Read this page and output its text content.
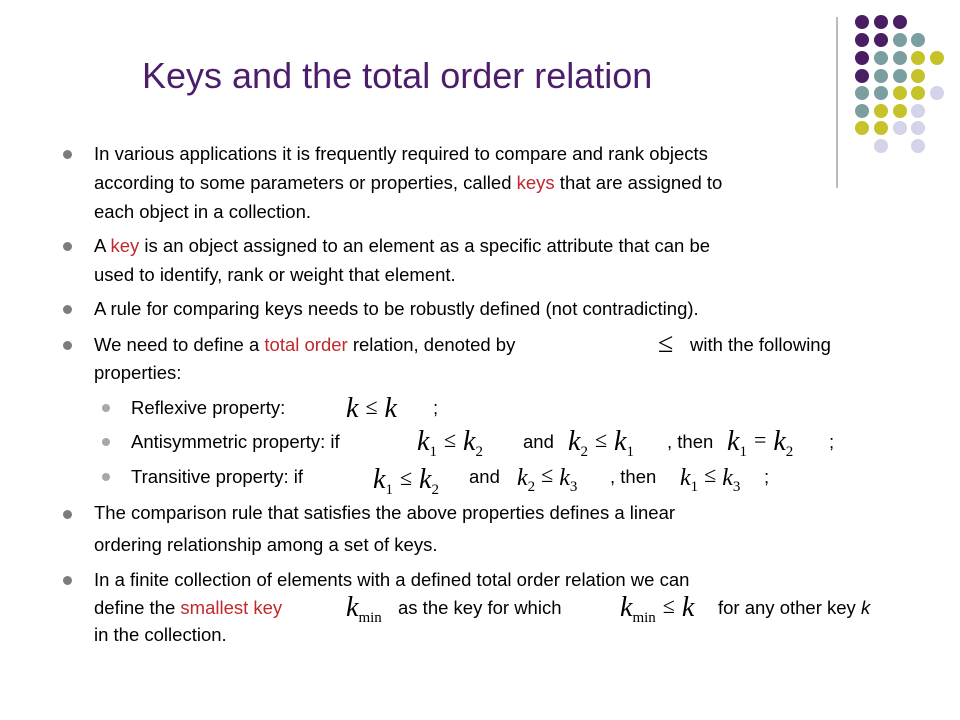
Keys and the total order relation
In various applications it is frequently required to compare and rank objects
according to some parameters or properties, called keys that are assigned to
each object in a collection.
A key is an object assigned to an element as a specific attribute that can be
used to identify, rank or weight that element.
A rule for comparing keys needs to be robustly defined (not contradicting).
We need to define a total order relation, denoted by	≤ with the following
properties:
Reflexive property: k ≤ k ;
Antisymmetric property: if	$k_1 \le k_2$ and $k_2 \le k_1$ , then $k_1 = k_2$ ;
Transitive property: if $k_1 \le k_2$
and $k_2 \le k_3$ , then $k_1 \le k_3$ ;
The comparison rule that satisfies the above properties defines a linear
ordering relationship among a set of keys.
In a finite collection of elements with a defined total order relation we can
define the smallest key $k_{min}$ as the key for which $k_{min} \le k$ for any other key k
in the collection.
